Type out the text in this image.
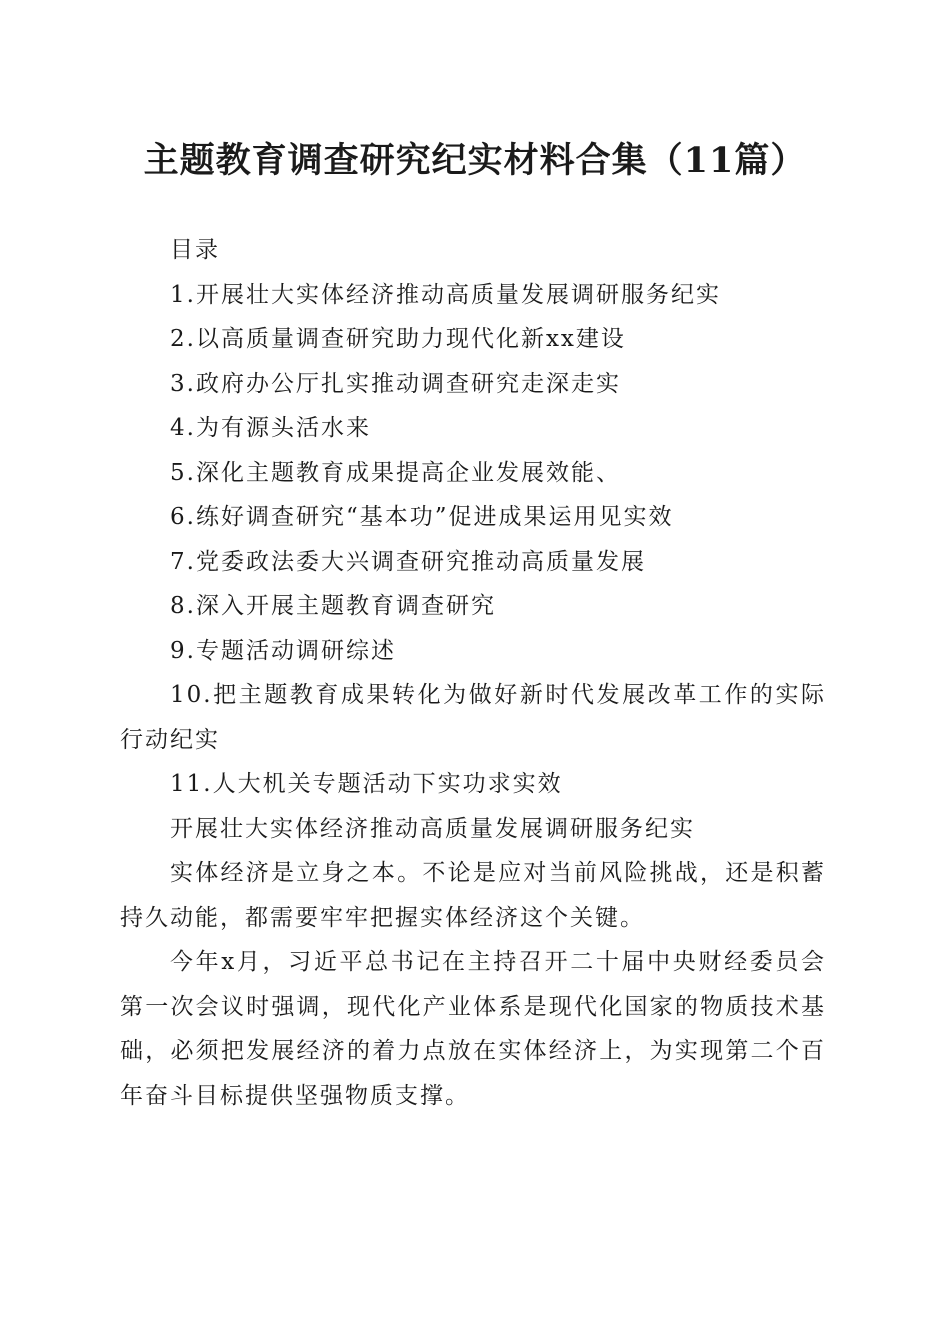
主题教育调查研究纪实材料合集（11篇）
目录
1.开展壮大实体经济推动高质量发展调研服务纪实
2.以高质量调查研究助力现代化新xx建设
3.政府办公厅扎实推动调查研究走深走实
4.为有源头活水来
5.深化主题教育成果提高企业发展效能、
6.练好调查研究“基本功”促进成果运用见实效
7.党委政法委大兴调查研究推动高质量发展
8.深入开展主题教育调查研究
9.专题活动调研综述

10.把主题教育成果转化为做好新时代发展改革工作的实际行动纪实

11.人大机关专题活动下实功求实效
开展壮大实体经济推动高质量发展调研服务纪实

实体经济是立身之本。不论是应对当前风险挑战，还是积蓄持久动能，都需要牢牢把握实体经济这个关键。

今年x月，习近平总书记在主持召开二十届中央财经委员会第一次会议时强调，现代化产业体系是现代化国家的物质技术基础，必须把发展经济的着力点放在实体经济上，为实现第二个百年奋斗目标提供坚强物质支撑。
